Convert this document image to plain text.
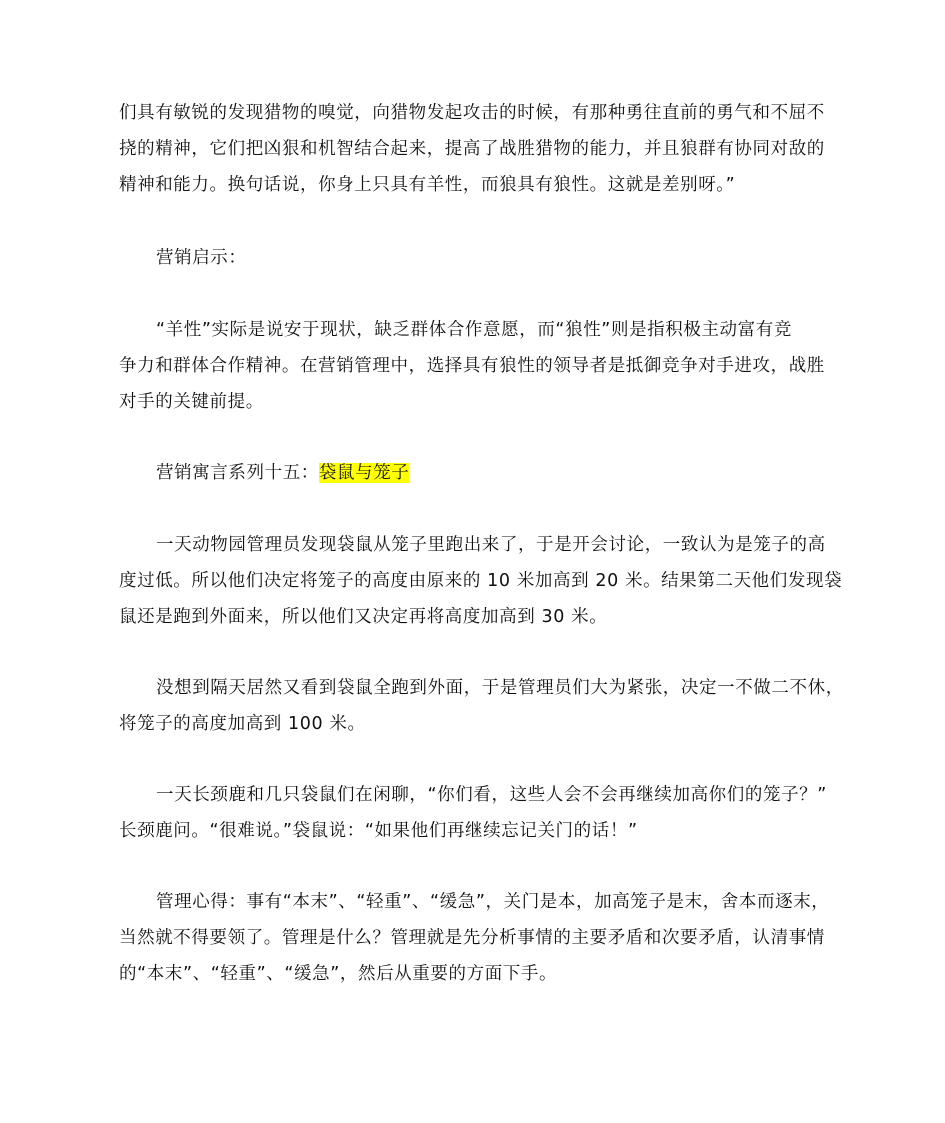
们具有敏锐的发现猎物的嗅觉，向猎物发起攻击的时候，有那种勇往直前的勇气和不屈不
挠的精神，它们把凶狠和机智结合起来，提高了战胜猎物的能力，并且狼群有协同对敌的
精神和能力。换句话说，你身上只具有羊性，而狼具有狼性。这就是差别呀。”
营销启示：
“羊性”实际是说安于现状，缺乏群体合作意愿，而“狼性”则是指积极主动富有竞
争力和群体合作精神。在营销管理中，选择具有狼性的领导者是抵御竞争对手进攻，战胜
对手的关键前提。
营销寓言系列十五：袋鼠与笼子
一天动物园管理员发现袋鼠从笼子里跑出来了，于是开会讨论，一致认为是笼子的高
度过低。所以他们决定将笼子的高度由原来的 10 米加高到 20 米。结果第二天他们发现袋
鼠还是跑到外面来，所以他们又决定再将高度加高到 30 米。
没想到隔天居然又看到袋鼠全跑到外面，于是管理员们大为紧张，决定一不做二不休，
将笼子的高度加高到 100 米。
一天长颈鹿和几只袋鼠们在闲聊，“你们看，这些人会不会再继续加高你们的笼子？”
长颈鹿问。“很难说。”袋鼠说：“如果他们再继续忘记关门的话！”
管理心得：事有“本末”、“轻重”、“缓急”，关门是本，加高笼子是末，舍本而逐末，
当然就不得要领了。管理是什么？管理就是先分析事情的主要矛盾和次要矛盾，认清事情
的“本末”、“轻重”、“缓急”，然后从重要的方面下手。
